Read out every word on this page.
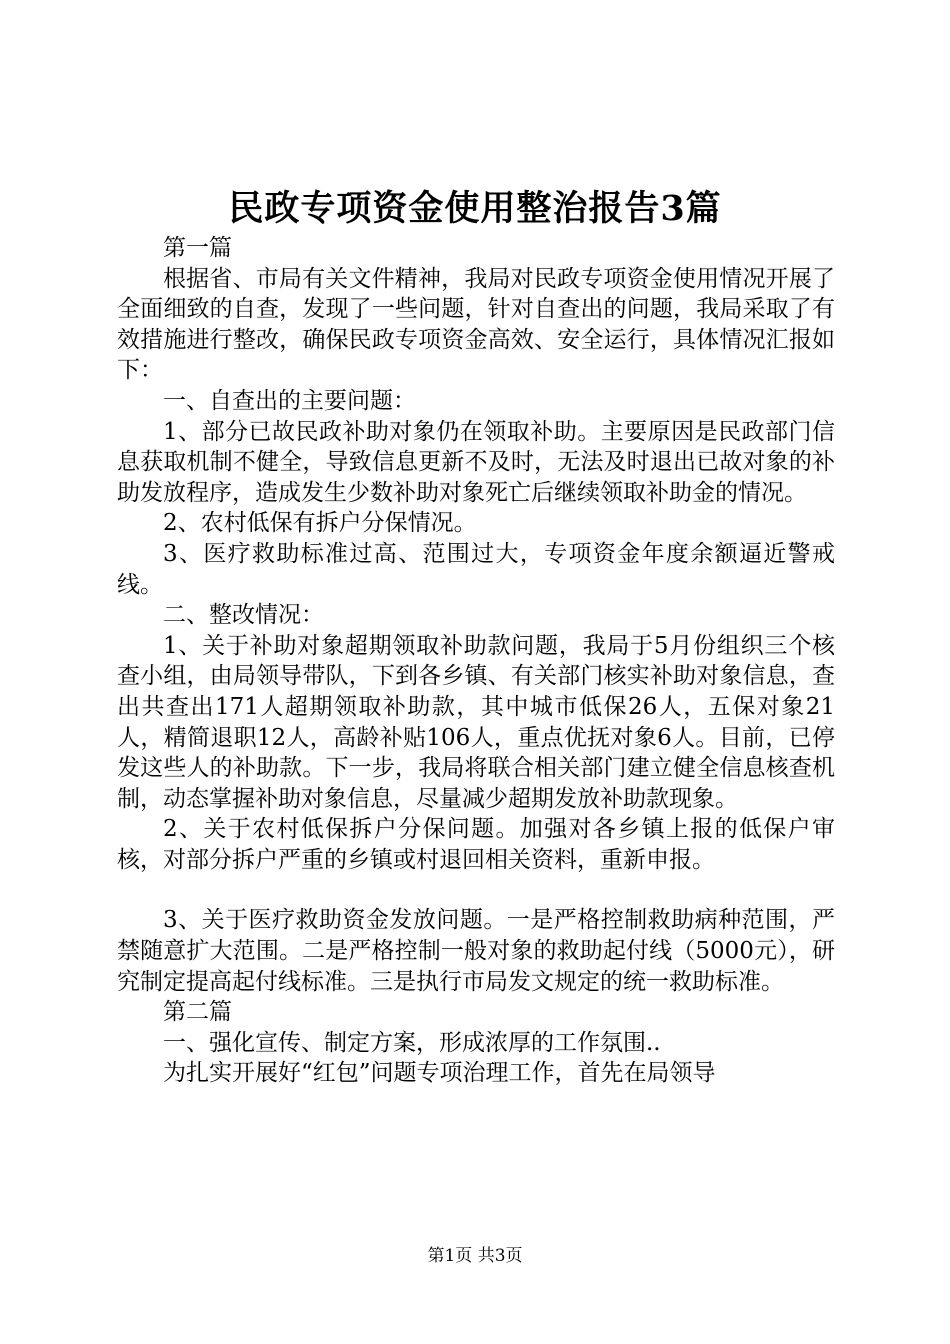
民政专项资金使用整治报告3篇

第一篇

根据省、市局有关文件精神，我局对民政专项资金使用情况开展了全面细致的自查，发现了一些问题，针对自查出的问题，我局采取了有效措施进行整改，确保民政专项资金高效、安全运行，具体情况汇报如下：

一、自查出的主要问题：

1、部分已故民政补助对象仍在领取补助。主要原因是民政部门信息获取机制不健全，导致信息更新不及时，无法及时退出已故对象的补助发放程序，造成发生少数补助对象死亡后继续领取补助金的情况。

2、农村低保有拆户分保情况。

3、医疗救助标准过高、范围过大，专项资金年度余额逼近警戒线。

二、整改情况：

1、关于补助对象超期领取补助款问题，我局于5月份组织三个核查小组，由局领导带队，下到各乡镇、有关部门核实补助对象信息，查出共查出171人超期领取补助款，其中城市低保26人，五保对象21人，精简退职12人，高龄补贴106人，重点优抚对象6人。目前，已停发这些人的补助款。下一步，我局将联合相关部门建立健全信息核查机制，动态掌握补助对象信息，尽量减少超期发放补助款现象。

2、关于农村低保拆户分保问题。加强对各乡镇上报的低保户审核，对部分拆户严重的乡镇或村退回相关资料，重新申报。

3、关于医疗救助资金发放问题。一是严格控制救助病种范围，严禁随意扩大范围。二是严格控制一般对象的救助起付线（5000元），研究制定提高起付线标准。三是执行市局发文规定的统一救助标准。

第二篇

一、强化宣传、制定方案，形成浓厚的工作氛围..

为扎实开展好“红包”问题专项治理工作，首先在局领导

第1页 共3页
